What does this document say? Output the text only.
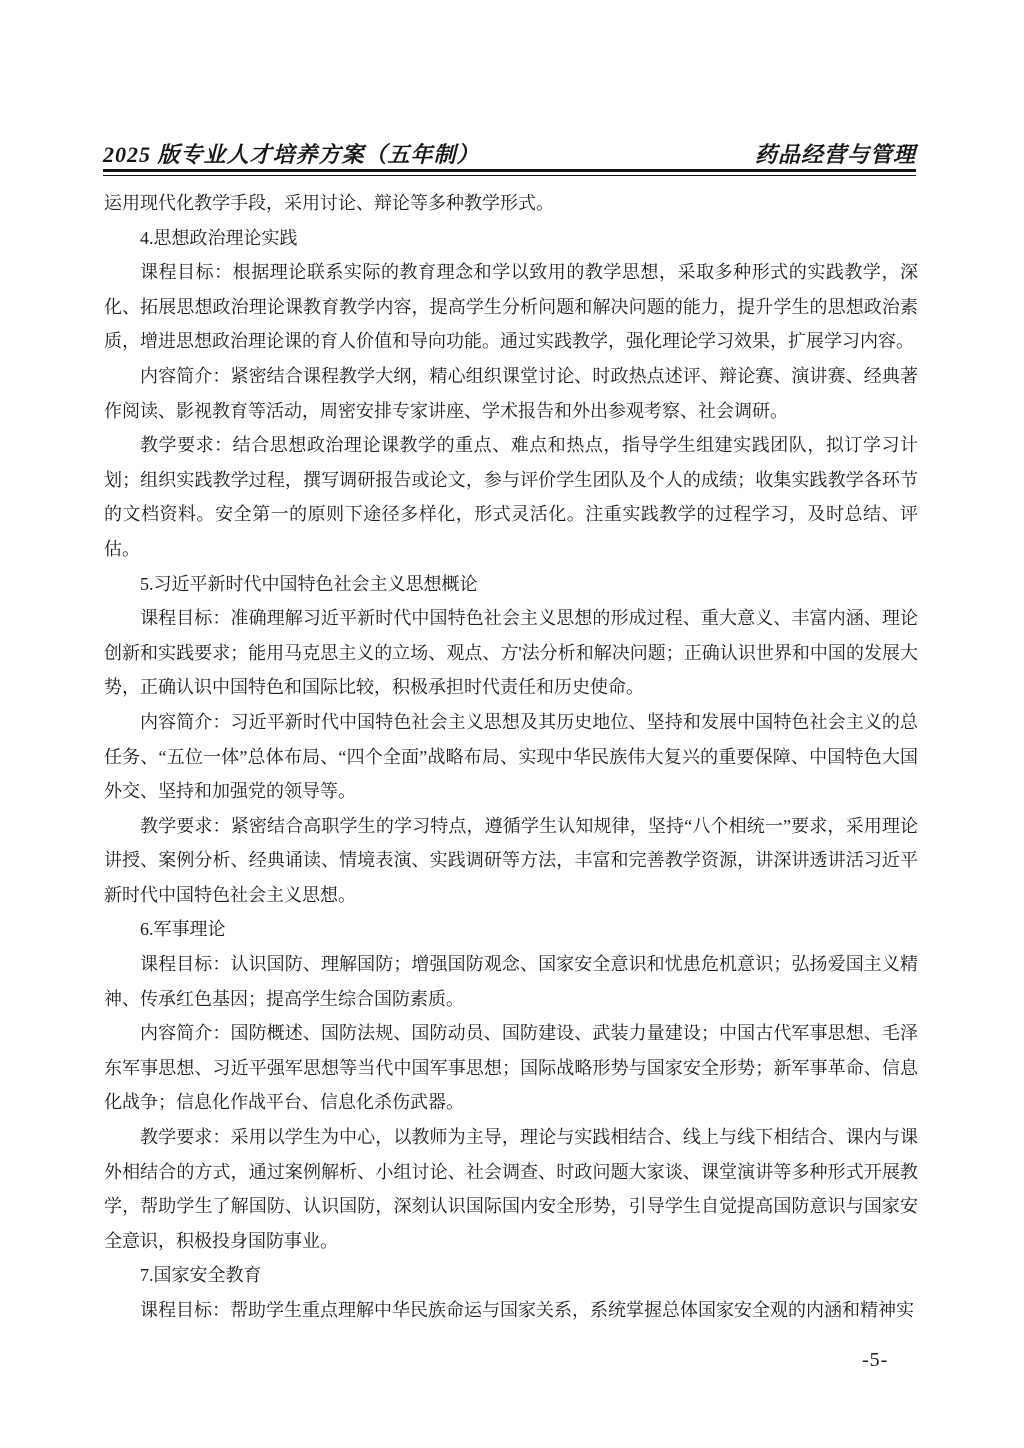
2025 版专业人才培养方案（五年制）	药品经营与管理
运用现代化教学手段，采用讨论、辩论等多种教学形式。
4.思想政治理论实践
课程目标：根据理论联系实际的教育理念和学以致用的教学思想，采取多种形式的实践教学，深化、拓展思想政治理论课教育教学内容，提高学生分析问题和解决问题的能力，提升学生的思想政治素质，增进思想政治理论课的育人价值和导向功能。通过实践教学，强化理论学习效果，扩展学习内容。
内容简介：紧密结合课程教学大纲，精心组织课堂讨论、时政热点述评、辩论赛、演讲赛、经典著作阅读、影视教育等活动，周密安排专家讲座、学术报告和外出参观考察、社会调研。
教学要求：结合思想政治理论课教学的重点、难点和热点，指导学生组建实践团队，拟订学习计划；组织实践教学过程，撰写调研报告或论文，参与评价学生团队及个人的成绩；收集实践教学各环节的文档资料。安全第一的原则下途径多样化，形式灵活化。注重实践教学的过程学习，及时总结、评估。
5.习近平新时代中国特色社会主义思想概论
课程目标：准确理解习近平新时代中国特色社会主义思想的形成过程、重大意义、丰富内涵、理论创新和实践要求；能用马克思主义的立场、观点、方'法分析和解决问题；正确认识世界和中国的发展大势，正确认识中国特色和国际比较，积极承担时代责任和历史使命。
内容简介：习近平新时代中国特色社会主义思想及其历史地位、坚持和发展中国特色社会主义的总任务、“五位一体”总体布局、“四个全面”战略布局、实现中华民族伟大复兴的重要保障、中国特色大国外交、坚持和加强党的领导等。
教学要求：紧密结合高职学生的学习特点，遵循学生认知规律，坚持“八个相统一”要求，采用理论讲授、案例分析、经典诵读、情境表演、实践调研等方法，丰富和完善教学资源，讲深讲透讲活习近平新时代中国特色社会主义思想。
6.军事理论
课程目标：认识国防、理解国防；增强国防观念、国家安全意识和忧患危机意识；弘扬爱国主义精神、传承红色基因；提高学生综合国防素质。
内容简介：国防概述、国防法规、国防动员、国防建设、武装力量建设；中国古代军事思想、毛泽东军事思想、习近平强军思想等当代中国军事思想；国际战略形势与国家安全形势；新军事革命、信息化战争；信息化作战平台、信息化杀伤武器。
教学要求：采用以学生为中心，以教师为主导，理论与实践相结合、线上与线下相结合、课内与课外相结合的方式，通过案例解析、小组讨论、社会调查、时政问题大家谈、课堂演讲等多种形式开展教学，帮助学生了解国防、认识国防，深刻认识国际国内安全形势，引导学生自觉提高国防意识与国家安全意识，积极投身国防事业。
7.国家安全教育
课程目标：帮助学生重点理解中华民族命运与国家关系，系统掌握总体国家安全观的内涵和精神实
-5-
